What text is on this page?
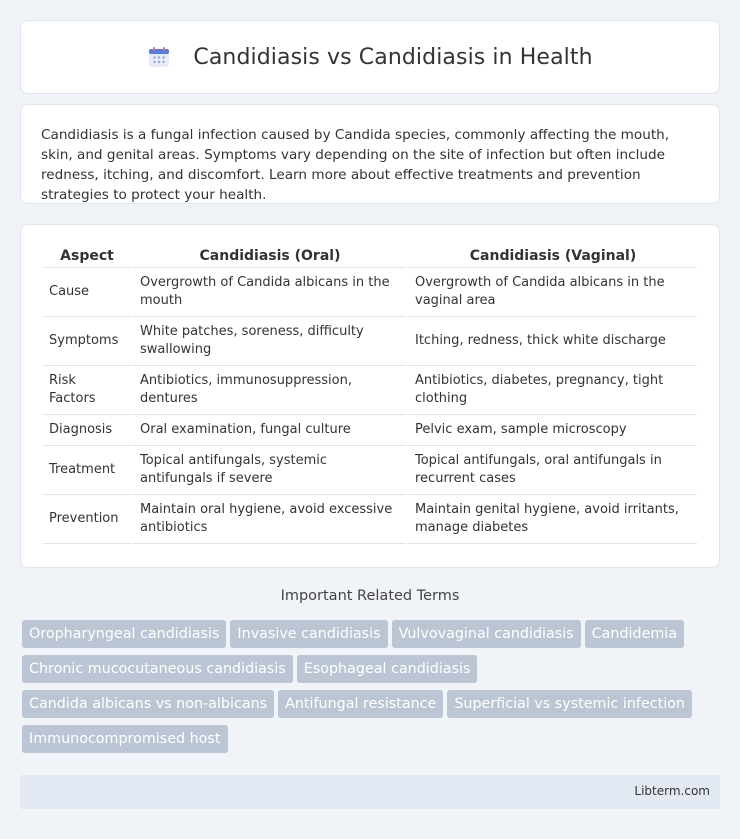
Candidiasis vs Candidiasis in Health

Candidiasis is a fungal infection caused by Candida species, commonly affecting the mouth, skin, and genital areas. Symptoms vary depending on the site of infection but often include redness, itching, and discomfort. Learn more about effective treatments and prevention strategies to protect your health.

Aspect	Candidiasis (Oral)	Candidiasis (Vaginal)
Cause	Overgrowth of Candida albicans in the mouth	Overgrowth of Candida albicans in the vaginal area
Symptoms	White patches, soreness, difficulty swallowing	Itching, redness, thick white discharge
Risk Factors	Antibiotics, immunosuppression, dentures	Antibiotics, diabetes, pregnancy, tight clothing
Diagnosis	Oral examination, fungal culture	Pelvic exam, sample microscopy
Treatment	Topical antifungals, systemic antifungals if severe	Topical antifungals, oral antifungals in recurrent cases
Prevention	Maintain oral hygiene, avoid excessive antibiotics	Maintain genital hygiene, avoid irritants, manage diabetes
Important Related Terms
Oropharyngeal candidiasis Invasive candidiasis Vulvovaginal candidiasis CandidemiaChronic mucocutaneous candidiasis Esophageal candidiasisCandida albicans vs non-albicans Antifungal resistance Superficial vs systemic infectionImmunocompromised host
Libterm.com
